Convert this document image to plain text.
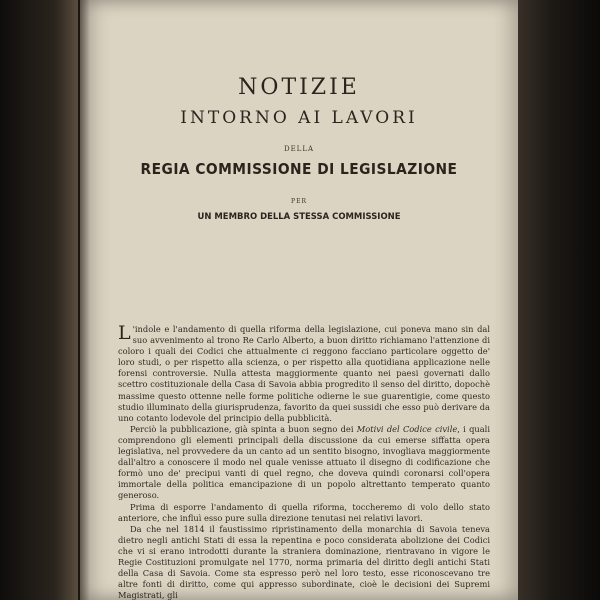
NOTIZIE
INTORNO AI LAVORI
DELLA
REGIA COMMISSIONE DI LEGISLAZIONE
PER
UN MEMBRO DELLA STESSA COMMISSIONE

L 'indole e l'andamento di quella riforma della legislazione, cui poneva mano sin dal suo avvenimento al trono Re Carlo Alberto, a buon diritto richiamano l'attenzione di coloro i quali dei Codici che attualmente ci reggono facciano particolare oggetto de' loro studi, o per rispetto alla scienza, o per rispetto alla quotidiana applicazione nelle forensi controversie. Nulla attesta maggiormente quanto nei paesi governati dallo scettro costituzionale della Casa di Savoia abbia progredito il senso del diritto, dopochè massime questo ottenne nelle forme politiche odierne le sue guarentigie, come questo studio illuminato della giurisprudenza, favorito da quei sussidi che esso può derivare da uno cotanto lodevole del principio della pubblicità.

Perciò la pubblicazione, già spinta a buon segno dei Motivi del Codice civile, i quali comprendono gli elementi principali della discussione da cui emerse siffatta opera legislativa, nel provvedere da un canto ad un sentito bisogno, invogliava maggiormente dall'altro a conoscere il modo nel quale venisse attuato il disegno di codificazione che formò uno de' precipui vanti di quel regno, che doveva quindi coronarsi coll'opera immortale della politica emancipazione di un popolo altrettanto temperato quanto generoso.

Prima di esporre l'andamento di quella riforma, toccheremo di volo dello stato anteriore, che influì esso pure sulla direzione tenutasi nei relativi lavori.

Da che nel 1814 il faustissimo ripristinamento della monarchia di Savoia teneva dietro negli antichi Stati di essa la repentina e poco considerata abolizione dei Codici che vi si erano introdotti durante la straniera dominazione, rientravano in vigore le Regie Costituzioni promulgate nel 1770, norma primaria del diritto degli antichi Stati della Casa di Savoia. Come sta espresso però nel loro testo, esse riconoscevano tre altre fonti di diritto, come qui appresso subordinate, cioè le decisioni dei Supremi Magistrati, gli
